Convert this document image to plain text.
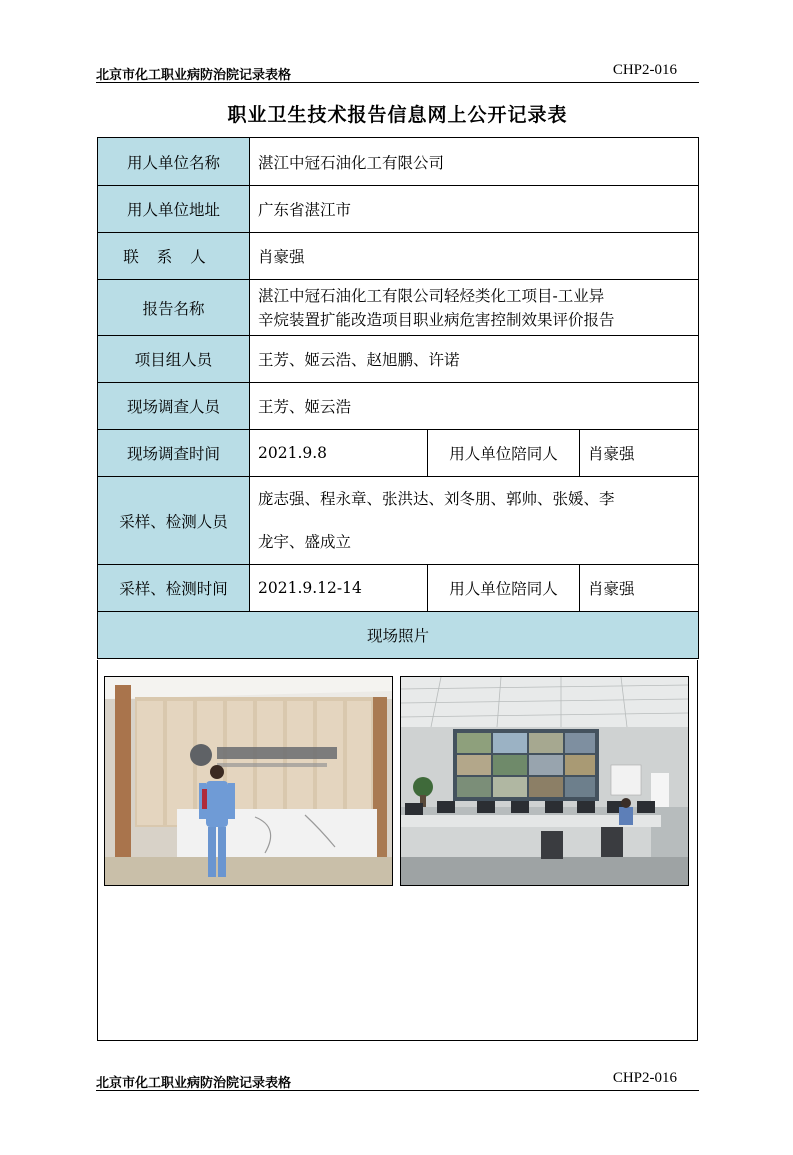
北京市化工职业病防治院记录表格	CHP2-016
职业卫生技术报告信息网上公开记录表
用人单位名称	湛江中冠石油化工有限公司		
用人单位地址	广东省湛江市		
联系人	肖豪强		
报告名称	湛江中冠石油化工有限公司轻烃类化工项目-工业异
辛烷装置扩能改造项目职业病危害控制效果评价报告		

项目组人员	王芳、姬云浩、赵旭鹏、许诺		
现场调查人员	王芳、姬云浩		
现场调查时间	2021.9.8	用人单位陪同人	肖豪强
采样、检测人员	庞志强、程永章、张洪达、刘冬朋、郭帅、张媛、李
龙宇、盛成立		

采样、检测时间	2021.9.12-14	用人单位陪同人	肖豪强
现场照片			
北京市化工职业病防治院记录表格	CHP2-016
